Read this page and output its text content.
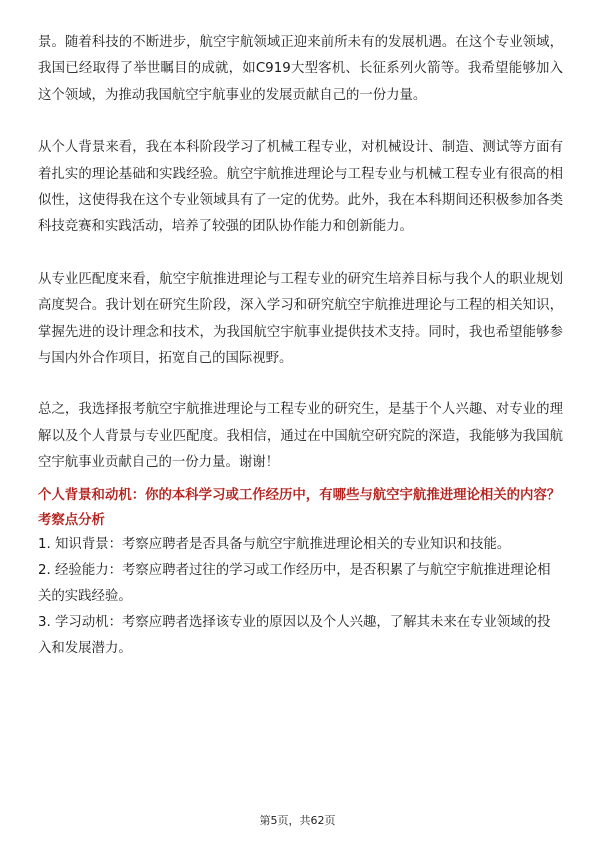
景。随着科技的不断进步，航空宇航领域正迎来前所未有的发展机遇。在这个专业领域，我国已经取得了举世瞩目的成就，如C919大型客机、长征系列火箭等。我希望能够加入这个领域，为推动我国航空宇航事业的发展贡献自己的一份力量。

从个人背景来看，我在本科阶段学习了机械工程专业，对机械设计、制造、测试等方面有着扎实的理论基础和实践经验。航空宇航推进理论与工程专业与机械工程专业有很高的相似性，这使得我在这个专业领域具有了一定的优势。此外，我在本科期间还积极参加各类科技竞赛和实践活动，培养了较强的团队协作能力和创新能力。

从专业匹配度来看，航空宇航推进理论与工程专业的研究生培养目标与我个人的职业规划高度契合。我计划在研究生阶段，深入学习和研究航空宇航推进理论与工程的相关知识，掌握先进的设计理念和技术，为我国航空宇航事业提供技术支持。同时，我也希望能够参与国内外合作项目，拓宽自己的国际视野。

总之，我选择报考航空宇航推进理论与工程专业的研究生，是基于个人兴趣、对专业的理解以及个人背景与专业匹配度。我相信，通过在中国航空研究院的深造，我能够为我国航空宇航事业贡献自己的一份力量。谢谢！

个人背景和动机：你的本科学习或工作经历中，有哪些与航空宇航推进理论相关的内容？

考察点分析

1. 知识背景：考察应聘者是否具备与航空宇航推进理论相关的专业知识和技能。

2. 经验能力：考察应聘者过往的学习或工作经历中，是否积累了与航空宇航推进理论相关的实践经验。

3. 学习动机：考察应聘者选择该专业的原因以及个人兴趣，了解其未来在专业领域的投入和发展潜力。

第5页，共62页
